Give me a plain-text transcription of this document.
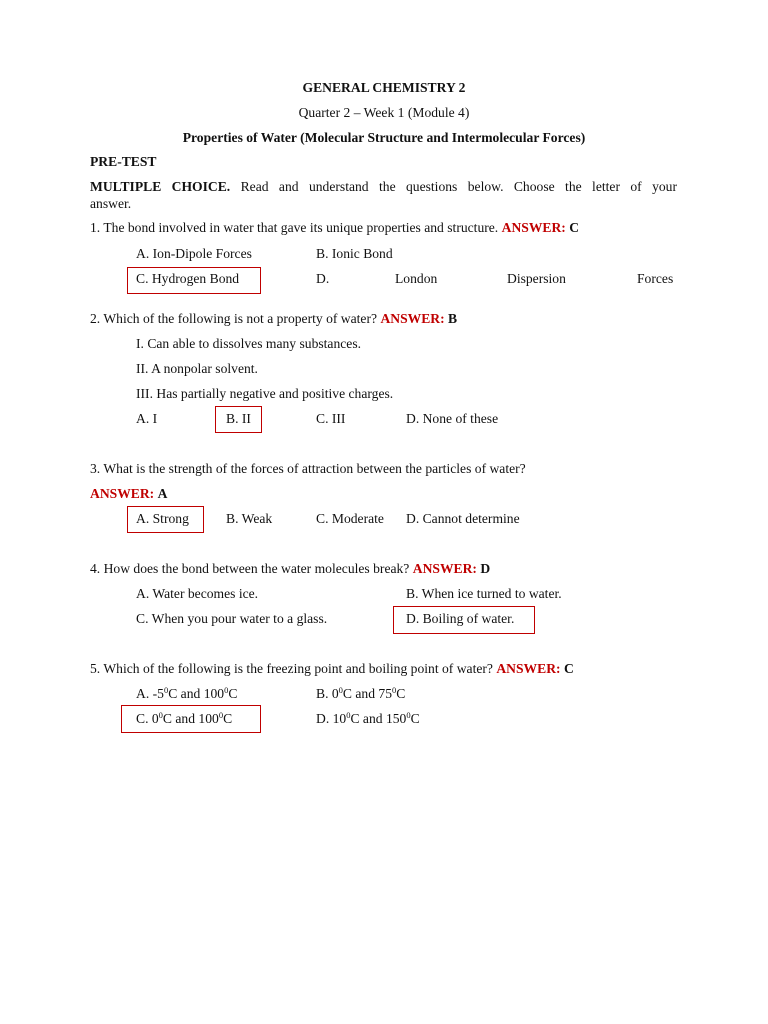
GENERAL CHEMISTRY 2
Quarter 2 – Week 1 (Module 4)
Properties of Water (Molecular Structure and Intermolecular Forces)
PRE-TEST
MULTIPLE CHOICE. Read and understand the questions below. Choose the letter of your
answer.
1. The bond involved in water that gave its unique properties and structure. ANSWER: C
A. Ion-Dipole Forces	B. Ionic Bond
C. Hydrogen Bond	D.	London	Dispersion	Forces
2. Which of the following is not a property of water? ANSWER: B
I. Can able to dissolves many substances.
II. A nonpolar solvent.
III. Has partially negative and positive charges.
A. I	B. II	C. III	D. None of these
3. What is the strength of the forces of attraction between the particles of water?
ANSWER: A
A. Strong	B. Weak	C. Moderate D. Cannot determine
4. How does the bond between the water molecules break? ANSWER: D
A. Water becomes ice.	B. When ice turned to water.
C. When you pour water to a glass.	D. Boiling of water.
5. Which of the following is the freezing point and boiling point of water? ANSWER: C
A. $-5^0C$ and $100^0C$	B. $0^0C$ and $75^0C$
C. $0^0C$ and $100^0C$	D. $10^0C$ and $150^0C$
